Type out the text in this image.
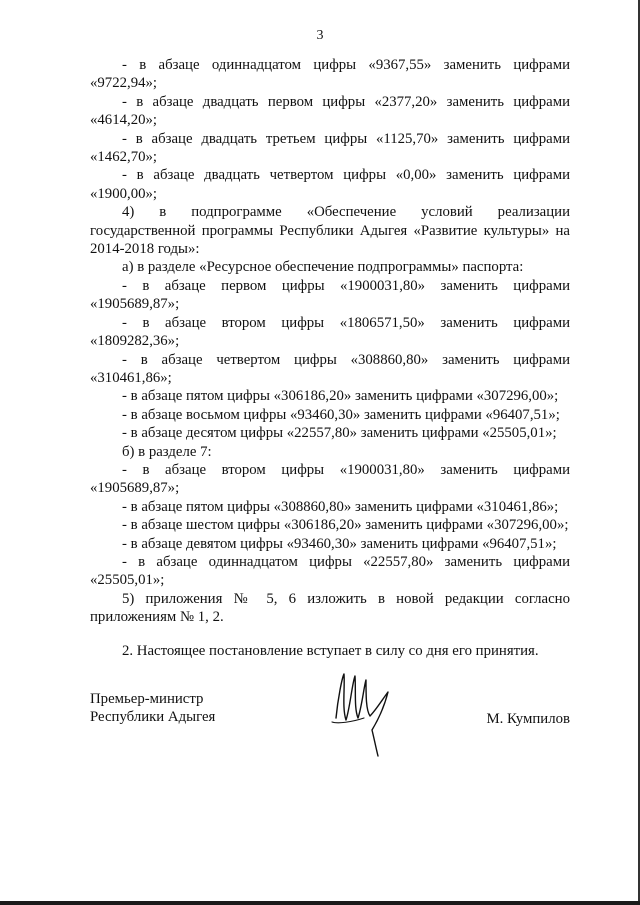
3

- в абзаце одиннадцатом цифры «9367,55» заменить цифрами «9722,94»;

- в абзаце двадцать первом цифры «2377,20» заменить цифрами «4614,20»;

- в абзаце двадцать третьем цифры «1125,70» заменить цифрами «1462,70»;

- в абзаце двадцать четвертом цифры «0,00» заменить цифрами «1900,00»;

4) в подпрограмме «Обеспечение условий реализации государственной программы Республики Адыгея «Развитие культуры» на 2014-2018 годы»:

а) в разделе «Ресурсное обеспечение подпрограммы» паспорта:

- в абзаце первом цифры «1900031,80» заменить цифрами «1905689,87»;

- в абзаце втором цифры «1806571,50» заменить цифрами «1809282,36»;

- в абзаце четвертом цифры «308860,80» заменить цифрами «310461,86»;

- в абзаце пятом цифры «306186,20» заменить цифрами «307296,00»;

- в абзаце восьмом цифры «93460,30» заменить цифрами «96407,51»;

- в абзаце десятом цифры «22557,80» заменить цифрами «25505,01»;

б) в разделе 7:

- в абзаце втором цифры «1900031,80» заменить цифрами «1905689,87»;

- в абзаце пятом цифры «308860,80» заменить цифрами «310461,86»;

- в абзаце шестом цифры «306186,20» заменить цифрами «307296,00»;

- в абзаце девятом цифры «93460,30» заменить цифрами «96407,51»;

- в абзаце одиннадцатом цифры «22557,80» заменить цифрами «25505,01»;

5) приложения № 5, 6 изложить в новой редакции согласно приложениям № 1, 2.

2. Настоящее постановление вступает в силу со дня его принятия.

Премьер-министр
Республики Адыгея	М. Кумпилов
